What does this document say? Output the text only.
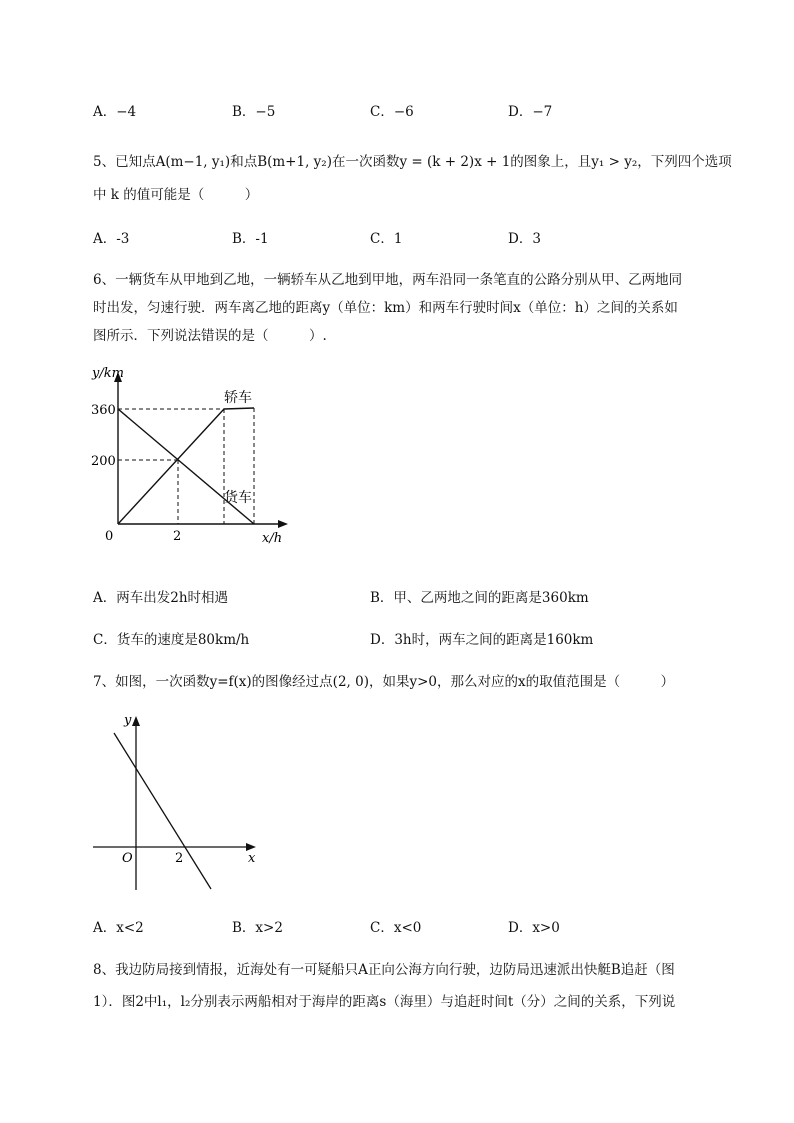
A．−4	B．−5	C．−6	D．−7
5、已知点A(m−1, y₁)和点B(m+1, y₂)在一次函数y = (k + 2)x + 1的图象上，且y₁ > y₂，下列四个选项
中 k 的值可能是（　　　）
A．-3	B．-1	C．1	D．3
6、一辆货车从甲地到乙地，一辆轿车从乙地到甲地，两车沿同一条笔直的公路分别从甲、乙两地同
时出发，匀速行驶．两车离乙地的距离y（单位：km）和两车行驶时间x（单位：h）之间的关系如
图所示．下列说法错误的是（　　　）.
y/km
360
200
0	2	x/h
轿车
货车
A．两车出发2h时相遇	B．甲、乙两地之间的距离是360km
C．货车的速度是80km/h	D．3h时，两车之间的距离是160km
7、如图，一次函数y=f(x)的图像经过点(2, 0)，如果y>0，那么对应的x的取值范围是（　　　）
y
x
O	2
A．x<2	B．x>2	C．x<0	D．x>0
8、我边防局接到情报，近海处有一可疑船只A正向公海方向行驶，边防局迅速派出快艇B追赶（图
1）．图2中l₁，l₂分别表示两船相对于海岸的距离s（海里）与追赶时间t（分）之间的关系，下列说
